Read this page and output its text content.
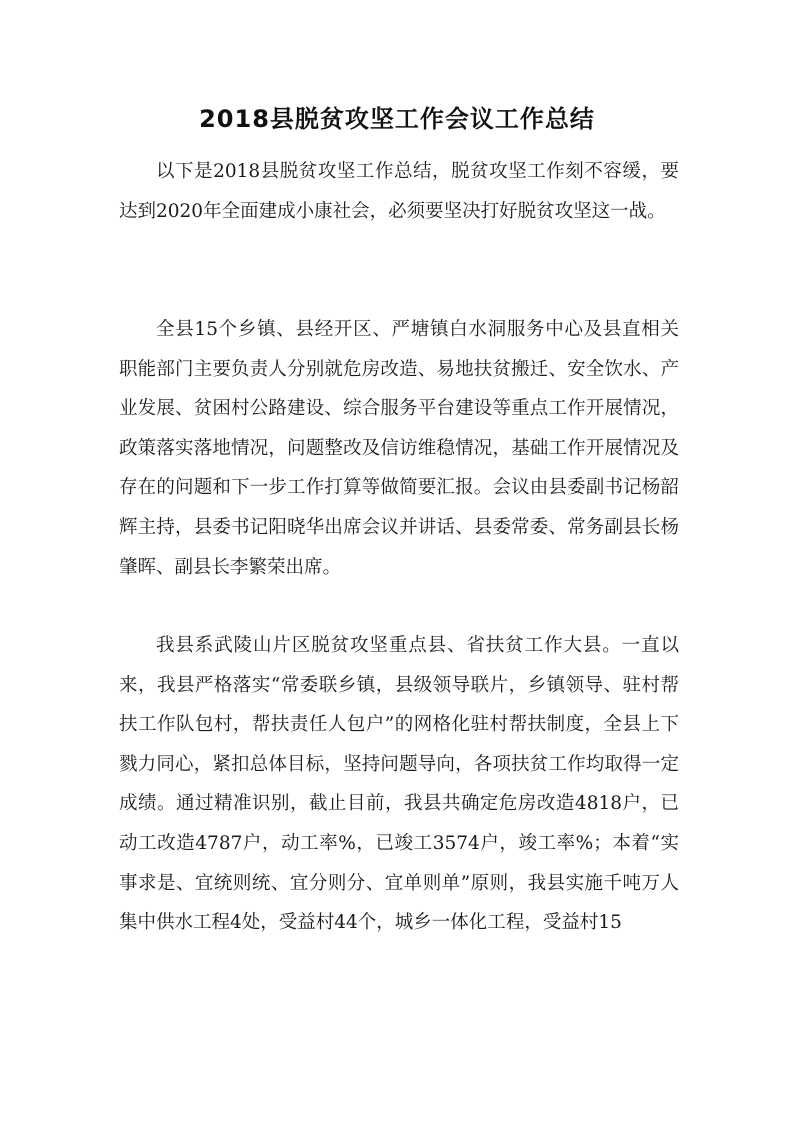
2018县脱贫攻坚工作会议工作总结

以下是2018县脱贫攻坚工作总结，脱贫攻坚工作刻不容缓，要达到2020年全面建成小康社会，必须要坚决打好脱贫攻坚这一战。

全县15个乡镇、县经开区、严塘镇白水洞服务中心及县直相关职能部门主要负责人分别就危房改造、易地扶贫搬迁、安全饮水、产业发展、贫困村公路建设、综合服务平台建设等重点工作开展情况，政策落实落地情况，问题整改及信访维稳情况，基础工作开展情况及存在的问题和下一步工作打算等做简要汇报。会议由县委副书记杨韶辉主持，县委书记阳晓华出席会议并讲话、县委常委、常务副县长杨肇晖、副县长李繁荣出席。

我县系武陵山片区脱贫攻坚重点县、省扶贫工作大县。一直以来，我县严格落实“常委联乡镇，县级领导联片，乡镇领导、驻村帮扶工作队包村，帮扶责任人包户”的网格化驻村帮扶制度，全县上下戮力同心，紧扣总体目标，坚持问题导向，各项扶贫工作均取得一定成绩。通过精准识别，截止目前，我县共确定危房改造4818户，已动工改造4787户，动工率%，已竣工3574户，竣工率%；本着“实事求是、宜统则统、宜分则分、宜单则单”原则，我县实施千吨万人集中供水工程4处，受益村44个，城乡一体化工程，受益村15
